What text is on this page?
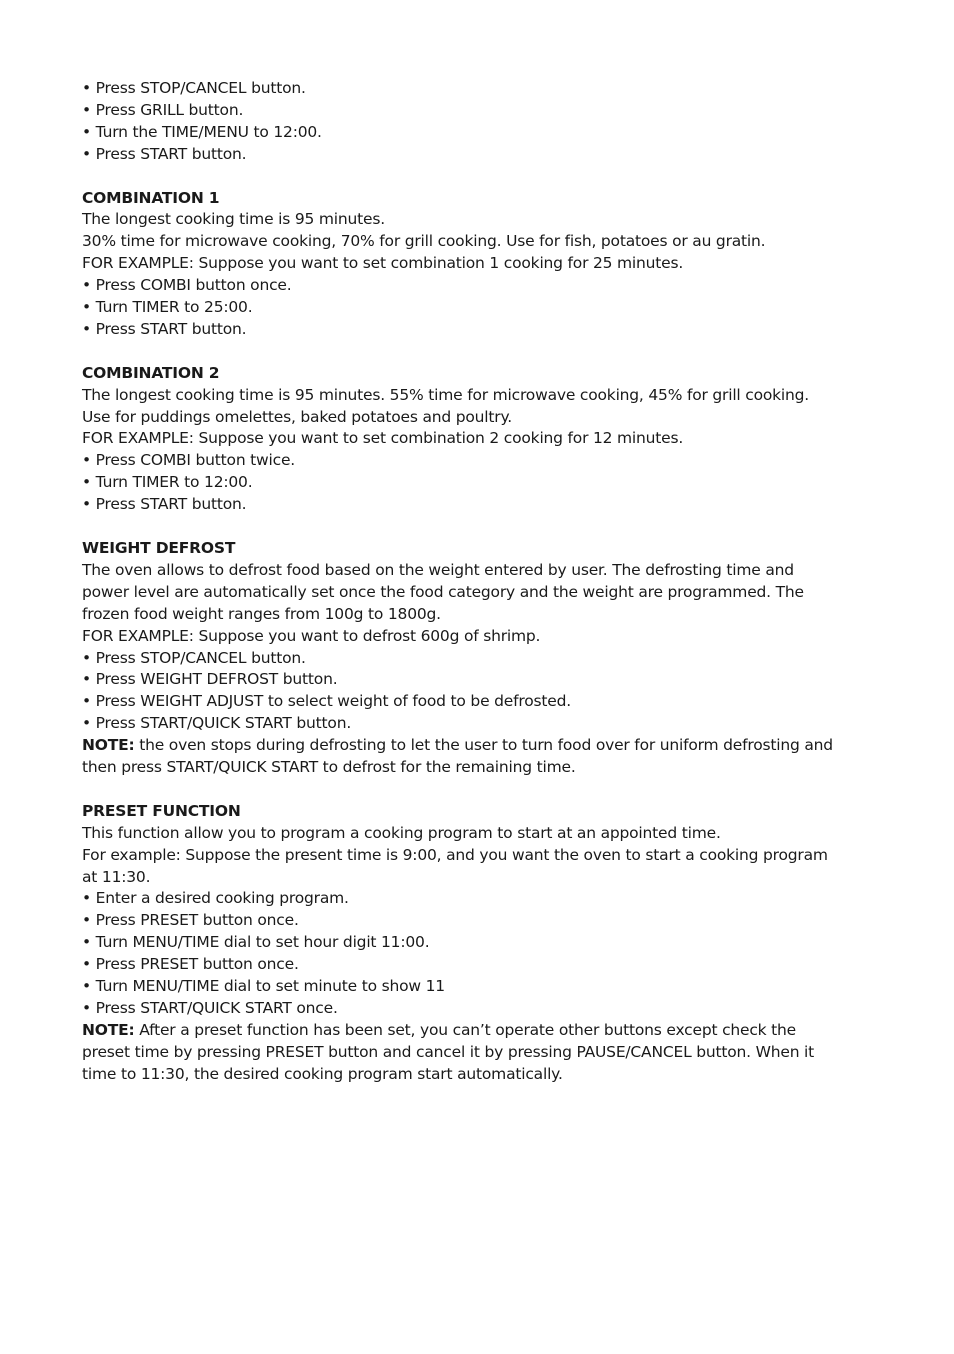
• Press STOP/CANCEL button.
• Press GRILL button.
• Turn the TIME/MENU to 12:00.
• Press START button.
COMBINATION 1
The longest cooking time is 95 minutes.
30% time for microwave cooking, 70% for grill cooking. Use for fish, potatoes or au gratin.
FOR EXAMPLE: Suppose you want to set combination 1 cooking for 25 minutes.
• Press COMBI button once.
• Turn TIMER to 25:00.
• Press START button.
COMBINATION 2
The longest cooking time is 95 minutes. 55% time for microwave cooking, 45% for grill cooking.
Use for puddings omelettes, baked potatoes and poultry.
FOR EXAMPLE: Suppose you want to set combination 2 cooking for 12 minutes.
• Press COMBI button twice.
• Turn TIMER to 12:00.
• Press START button.
WEIGHT DEFROST
The oven allows to defrost food based on the weight entered by user. The defrosting time and
power level are automatically set once the food category and the weight are programmed. The
frozen food weight ranges from 100g to 1800g.
FOR EXAMPLE: Suppose you want to defrost 600g of shrimp.
• Press STOP/CANCEL button.
• Press WEIGHT DEFROST button.
• Press WEIGHT ADJUST to select weight of food to be defrosted.
• Press START/QUICK START button.
NOTE: the oven stops during defrosting to let the user to turn food over for uniform defrosting and
then press START/QUICK START to defrost for the remaining time.
PRESET FUNCTION
This function allow you to program a cooking program to start at an appointed time.
For example: Suppose the present time is 9:00, and you want the oven to start a cooking program
at 11:30.
• Enter a desired cooking program.
• Press PRESET button once.
• Turn MENU/TIME dial to set hour digit 11:00.
• Press PRESET button once.
• Turn MENU/TIME dial to set minute to show 11
• Press START/QUICK START once.
NOTE: After a preset function has been set, you can’t operate other buttons except check the
preset time by pressing PRESET button and cancel it by pressing PAUSE/CANCEL button. When it
time to 11:30, the desired cooking program start automatically.
